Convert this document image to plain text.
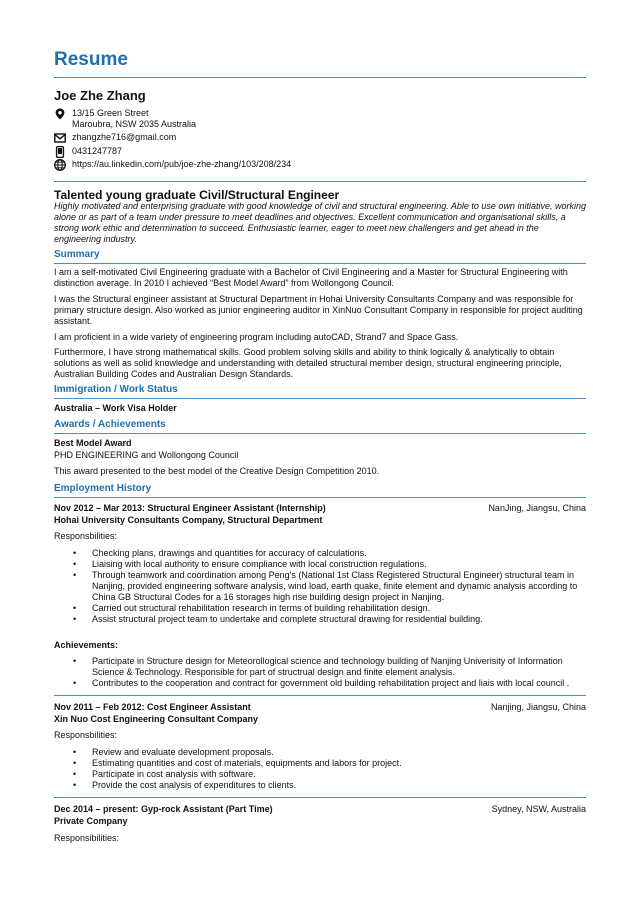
Resume
Joe Zhe Zhang
13/15 Green Street
Maroubra, NSW 2035 Australia
zhangzhe716@gmail.com
0431247787
https://au.linkedin.com/pub/joe-zhe-zhang/103/208/234
Talented young graduate Civil/Structural Engineer
Highly motivated and enterprising graduate with good knowledge of civil and structural engineering. Able to use own initiative, working alone or as part of a team under pressure to meet deadlines and objectives. Excellent communication and organisational skills, a strong work ethic and determination to succeed. Enthusiastic learner, eager to meet new challengers and get ahead in the engineering industry.
Summary
I am a self-motivated Civil Engineering graduate with a Bachelor of Civil Engineering and a Master for Structural Engineering with distinction average. In 2010 I achieved “Best Model Award” from Wollongong Council.
I was the Structural engineer assistant at Structural Department in Hohai University Consultants Company and was responsible for primary structure design. Also worked as junior engineering auditor in XinNuo Consultant Company in responsible for project auditing assistant.
I am proficient in a wide variety of engineering program including autoCAD, Strand7 and Space Gass.
Furthermore, I have strong mathematical skills. Good problem solving skills and ability to think logically & analytically to obtain solutions as well as solid knowledge and understanding with detailed structural member design, structural engineering principle, Australian Building Codes and Australian Design Standards.
Immigration / Work Status
Australia – Work Visa Holder
Awards / Achievements
Best Model Award
PHD ENGINEERING and Wollongong Council
This award presented to the best model of the Creative Design Competition 2010.
Employment History
Nov 2012 – Mar 2013: Structural Engineer Assistant (Internship)	NanJing, Jiangsu, China
Hohai University Consultants Company, Structural Department
Responsbilities:
• Checking plans, drawings and quantities for accuracy of calculations.
• Liaising with local authority to ensure compliance with local construction regulations.
• Through teamwork and coordination among Peng's (National 1st Class Registered Structural Engineer) structural team in Nanjing, provided engineering software analysis, wind load, earth quake, finite element and dynamic analysis according to China GB Structural Codes for a 16 storages high rise building design project in Nanjing.
• Carried out structural rehabilitation research in terms of building rehabilitation design.
• Assist structural project team to undertake and complete structural drawing for residential building.
Achievements:
• Participate in Structure design for Meteorollogical science and technology building of Nanjing Univerisity of Information Science & Technology. Responsible for part of structrual design and finite element analysis.
• Contributes to the cooperation and contract for government old building rehabilitation project and liais with local council .
Nov 2011 – Feb 2012: Cost Engineer Assistant	Nanjing, Jiangsu, China
Xin Nuo Cost Engineering Consultant Company
Responsbilities:
• Review and evaluate development proposals.
• Estimating quantities and cost of materials, equipments and labors for project.
• Participate in cost analysis with software.
• Provide the cost analysis of expenditures to clients.
Dec 2014 – present: Gyp-rock Assistant (Part Time)	Sydney, NSW, Australia
Private Company
Responsibilities:
